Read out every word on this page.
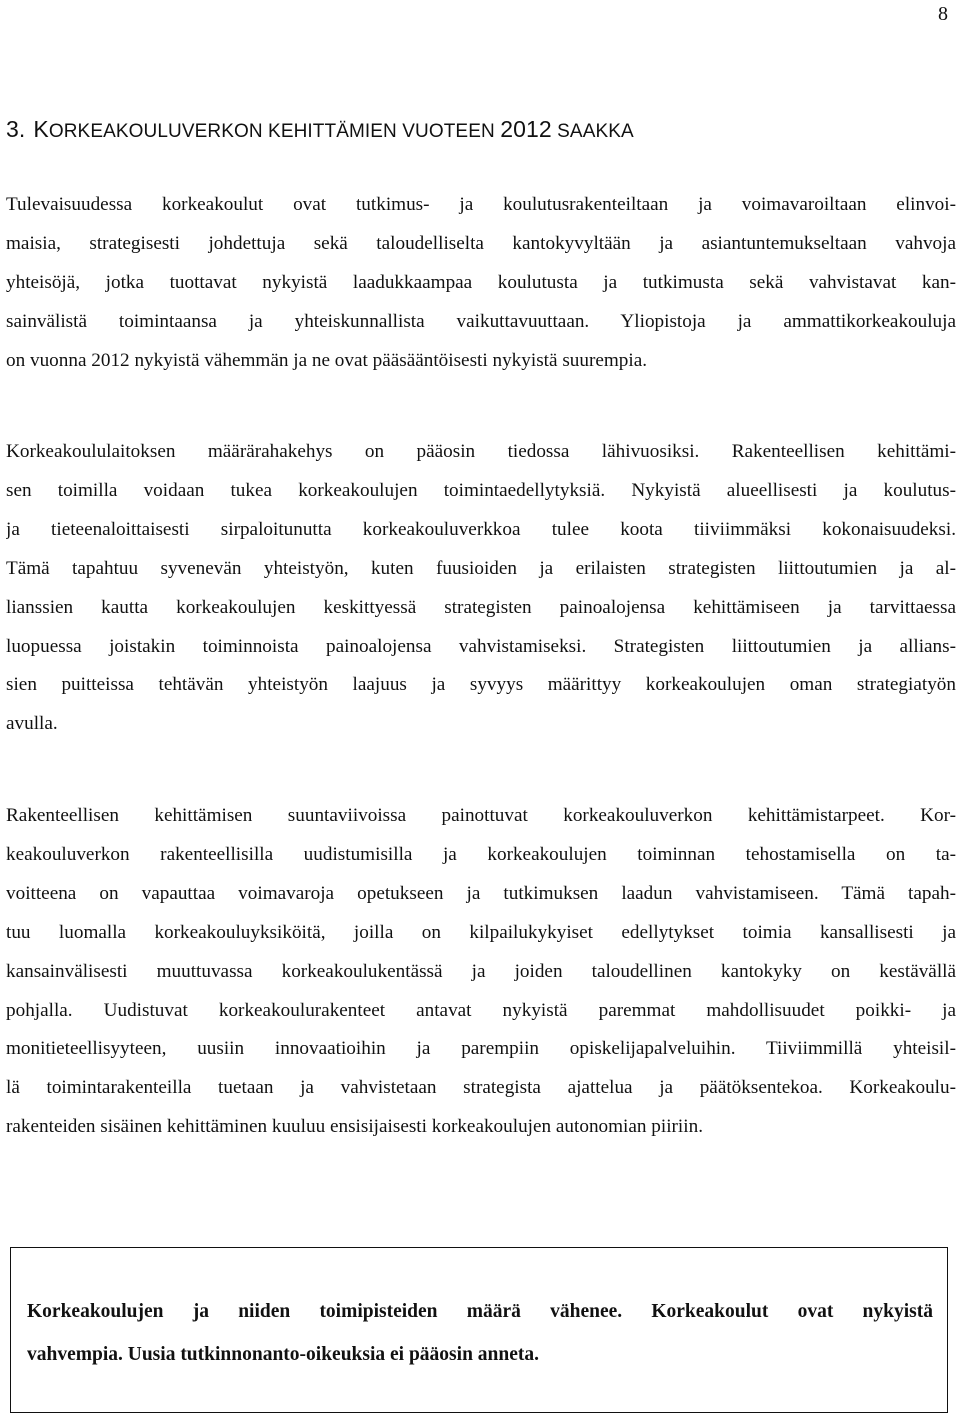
8
3. KORKEAKOULUVERKON KEHITTÄMIEN VUOTEEN 2012 SAAKKA
Tulevaisuudessa korkeakoulut ovat tutkimus- ja koulutusrakenteiltaan ja voimavaroiltaan elinvoi-
maisia, strategisesti johdettuja sekä taloudelliselta kantokyvyltään ja asiantuntemukseltaan vahvoja
yhteisöjä, jotka tuottavat nykyistä laadukkaampaa koulutusta ja tutkimusta sekä vahvistavat kan-
sainvälistä toimintaansa ja yhteiskunnallista vaikuttavuuttaan. Yliopistoja ja ammattikorkeakouluja
on vuonna 2012 nykyistä vähemmän ja ne ovat pääsääntöisesti nykyistä suurempia.
Korkeakoululaitoksen määrärahakehys on pääosin tiedossa lähivuosiksi. Rakenteellisen kehittämi-
sen toimilla voidaan tukea korkeakoulujen toimintaedellytyksiä. Nykyistä alueellisesti ja koulutus-
ja tieteenaloittaisesti sirpaloitunutta korkeakouluverkkoa tulee koota tiiviimmäksi kokonaisuudeksi.
Tämä tapahtuu syvenevän yhteistyön, kuten fuusioiden ja erilaisten strategisten liittoutumien ja al-
lianssien kautta korkeakoulujen keskittyessä strategisten painoalojensa kehittämiseen ja tarvittaessa
luopuessa joistakin toiminnoista painoalojensa vahvistamiseksi. Strategisten liittoutumien ja allians-
sien puitteissa tehtävän yhteistyön laajuus ja syvyys määrittyy korkeakoulujen oman strategiatyön
avulla.
Rakenteellisen kehittämisen suuntaviivoissa painottuvat korkeakouluverkon kehittämistarpeet. Kor-
keakouluverkon rakenteellisilla uudistumisilla ja korkeakoulujen toiminnan tehostamisella on ta-
voitteena on vapauttaa voimavaroja opetukseen ja tutkimuksen laadun vahvistamiseen. Tämä tapah-
tuu luomalla korkeakouluyksiköitä, joilla on kilpailukykyiset edellytykset toimia kansallisesti ja
kansainvälisesti muuttuvassa korkeakoulukentässä ja joiden taloudellinen kantokyky on kestävällä
pohjalla. Uudistuvat korkeakoulurakenteet antavat nykyistä paremmat mahdollisuudet poikki- ja
monitieteellisyyteen, uusiin innovaatioihin ja parempiin opiskelijapalveluihin. Tiiviimmillä yhteisil-
lä toimintarakenteilla tuetaan ja vahvistetaan strategista ajattelua ja päätöksentekoa. Korkeakoulu-
rakenteiden sisäinen kehittäminen kuuluu ensisijaisesti korkeakoulujen autonomian piiriin.
Korkeakoulujen ja niiden toimipisteiden määrä vähenee. Korkeakoulut ovat nykyistä
vahvempia. Uusia tutkinnonanto-oikeuksia ei pääosin anneta.
